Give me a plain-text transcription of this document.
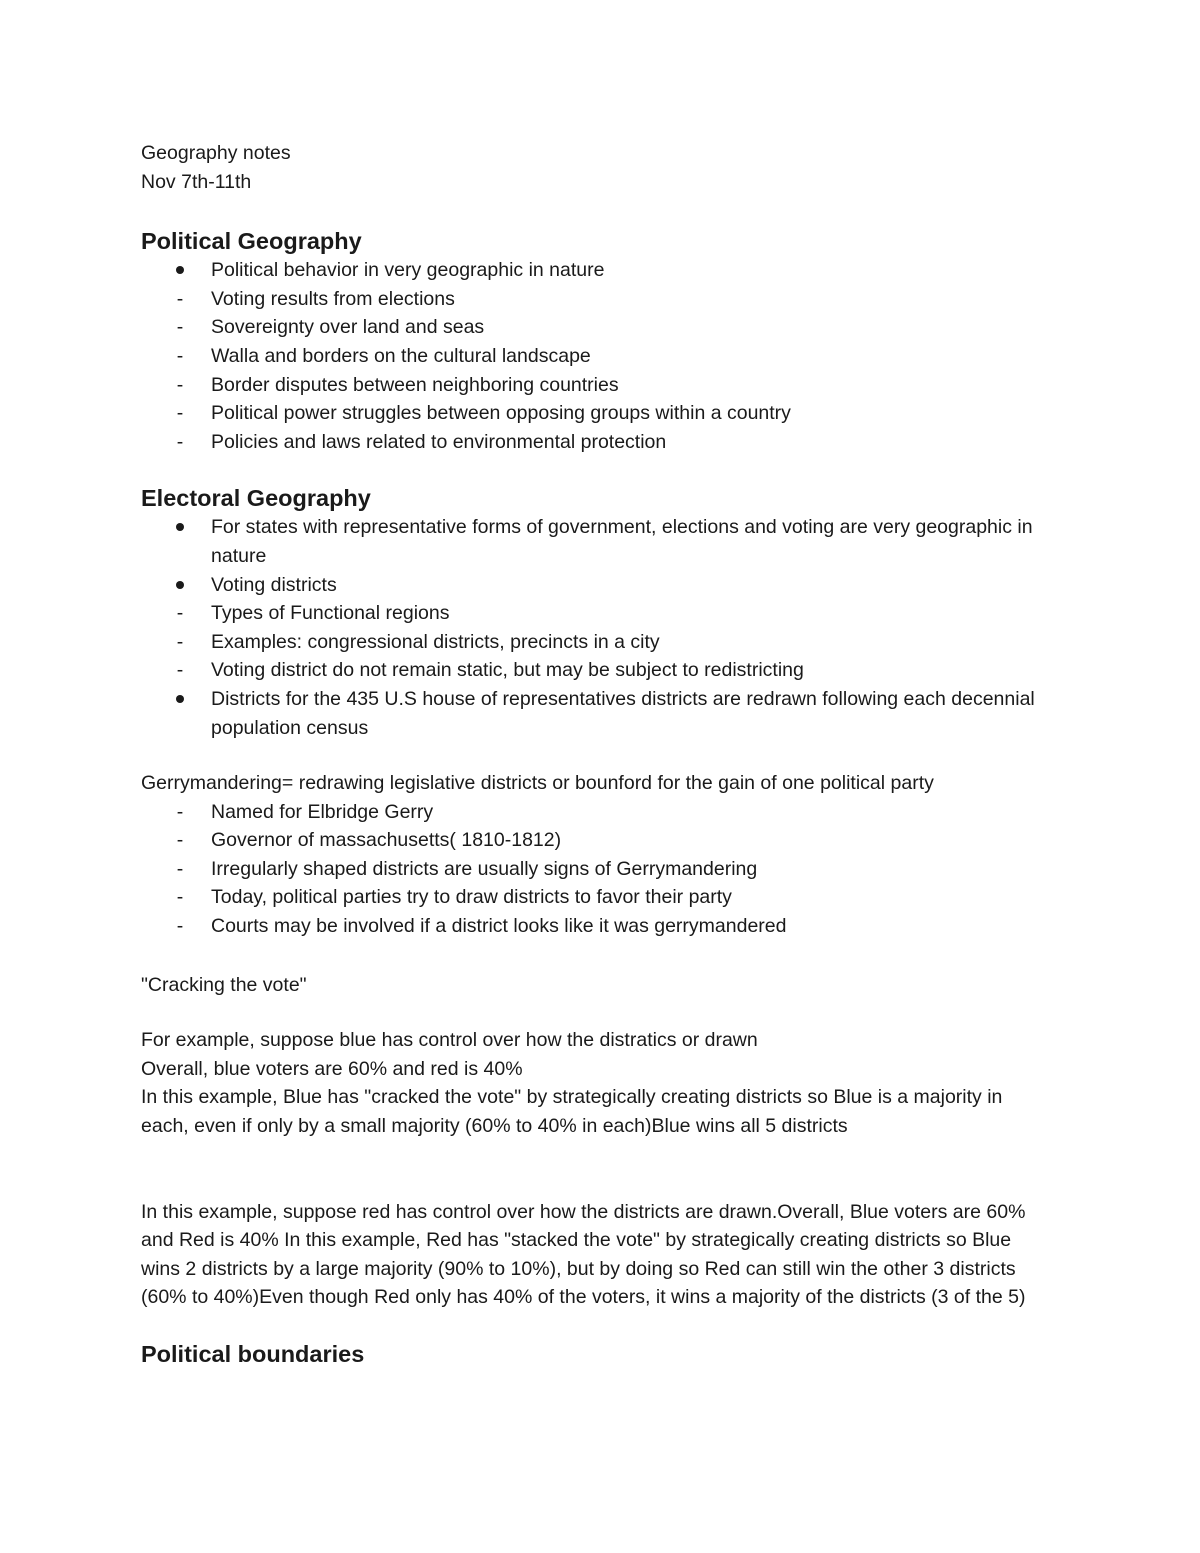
Geography notes
Nov 7th-11th
Political Geography
Political behavior in very geographic in nature
- Voting results from elections
- Sovereignty over land and seas
- Walla and borders on the cultural landscape
- Border disputes between neighboring countries
- Political power struggles between opposing groups within a country
- Policies and laws related to environmental protection
Electoral Geography
For states with representative forms of government, elections and voting are very geographic in nature
Voting districts
- Types of Functional regions
- Examples: congressional districts, precincts in a city
- Voting district do not remain static, but may be subject to redistricting
Districts for the 435 U.S house of representatives districts are redrawn following each decennial population census
Gerrymandering= redrawing legislative districts or bounford for the gain of one political party
- Named for Elbridge Gerry
- Governor of massachusetts( 1810-1812)
- Irregularly shaped districts are usually signs of Gerrymandering
- Today, political parties try to draw districts to favor their party
- Courts may be involved if a district looks like it was gerrymandered
"Cracking the vote"
For example, suppose blue has control over how the distratics or drawn
Overall, blue voters are 60% and red is 40%
In this example, Blue has "cracked the vote" by strategically creating districts so Blue is a majority in each, even if only by a small majority (60% to 40% in each)Blue wins all 5 districts
In this example, suppose red has control over how the districts are drawn.Overall, Blue voters are 60% and Red is 40% In this example, Red has "stacked the vote" by strategically creating districts so Blue wins 2 districts by a large majority (90% to 10%), but by doing so Red can still win the other 3 districts (60% to 40%)Even though Red only has 40% of the voters, it wins a majority of the districts (3 of the 5)
Political boundaries
